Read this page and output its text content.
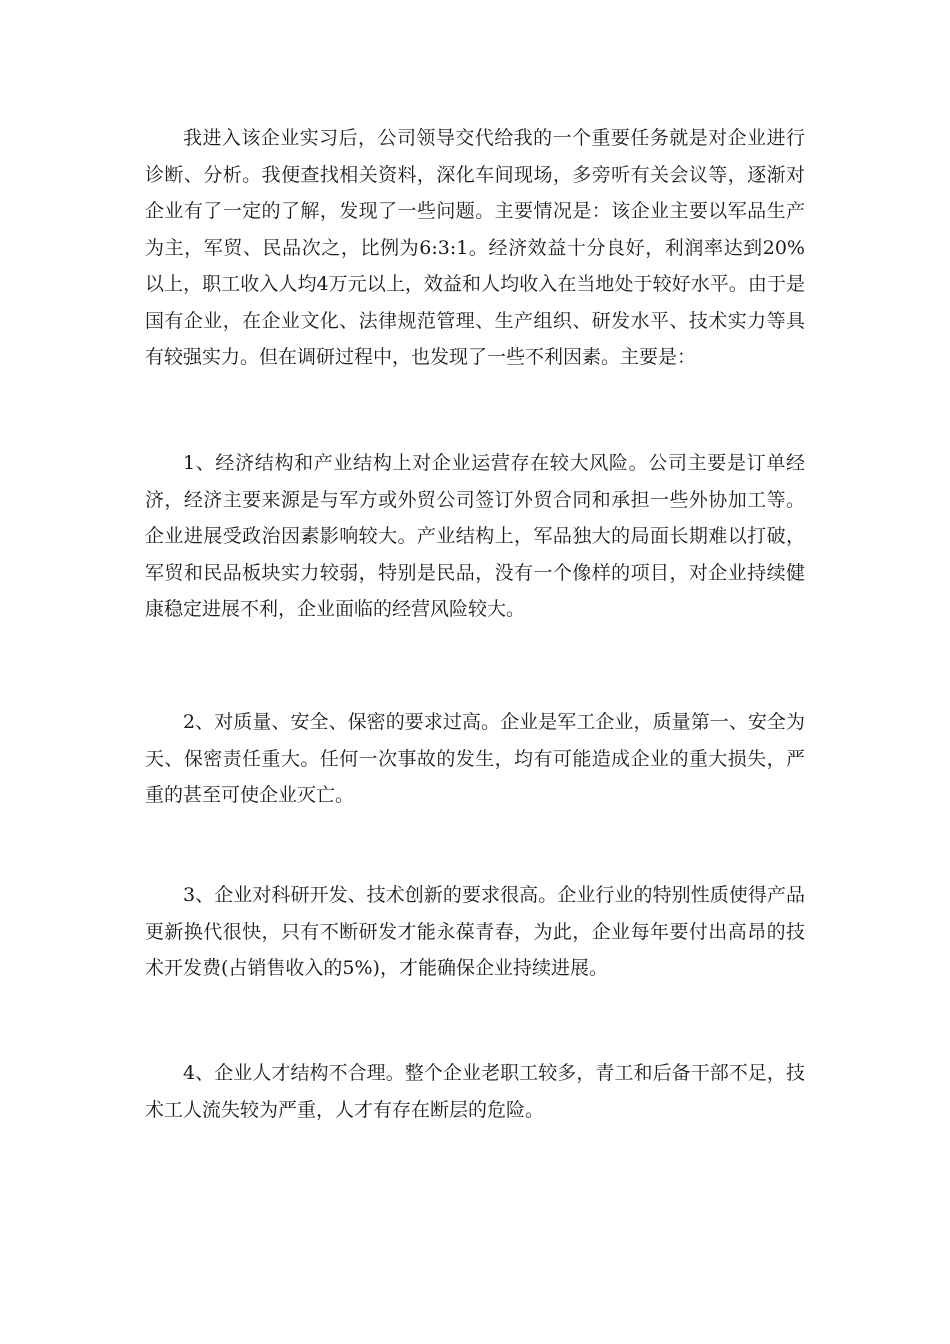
我进入该企业实习后，公司领导交代给我的一个重要任务就是对企业进行诊断、分析。我便查找相关资料，深化车间现场，多旁听有关会议等，逐渐对企业有了一定的了解，发现了一些问题。主要情况是：该企业主要以军品生产为主，军贸、民品次之，比例为6:3:1。经济效益十分良好，利润率达到20%以上，职工收入人均4万元以上，效益和人均收入在当地处于较好水平。由于是国有企业，在企业文化、法律规范管理、生产组织、研发水平、技术实力等具有较强实力。但在调研过程中，也发现了一些不利因素。主要是：

1、经济结构和产业结构上对企业运营存在较大风险。公司主要是订单经济，经济主要来源是与军方或外贸公司签订外贸合同和承担一些外协加工等。企业进展受政治因素影响较大。产业结构上，军品独大的局面长期难以打破，军贸和民品板块实力较弱，特别是民品，没有一个像样的项目，对企业持续健康稳定进展不利，企业面临的经营风险较大。

2、对质量、安全、保密的要求过高。企业是军工企业，质量第一、安全为天、保密责任重大。任何一次事故的发生，均有可能造成企业的重大损失，严重的甚至可使企业灭亡。

3、企业对科研开发、技术创新的要求很高。企业行业的特别性质使得产品更新换代很快，只有不断研发才能永葆青春，为此，企业每年要付出高昂的技术开发费(占销售收入的5%)，才能确保企业持续进展。

4、企业人才结构不合理。整个企业老职工较多，青工和后备干部不足，技术工人流失较为严重，人才有存在断层的危险。
